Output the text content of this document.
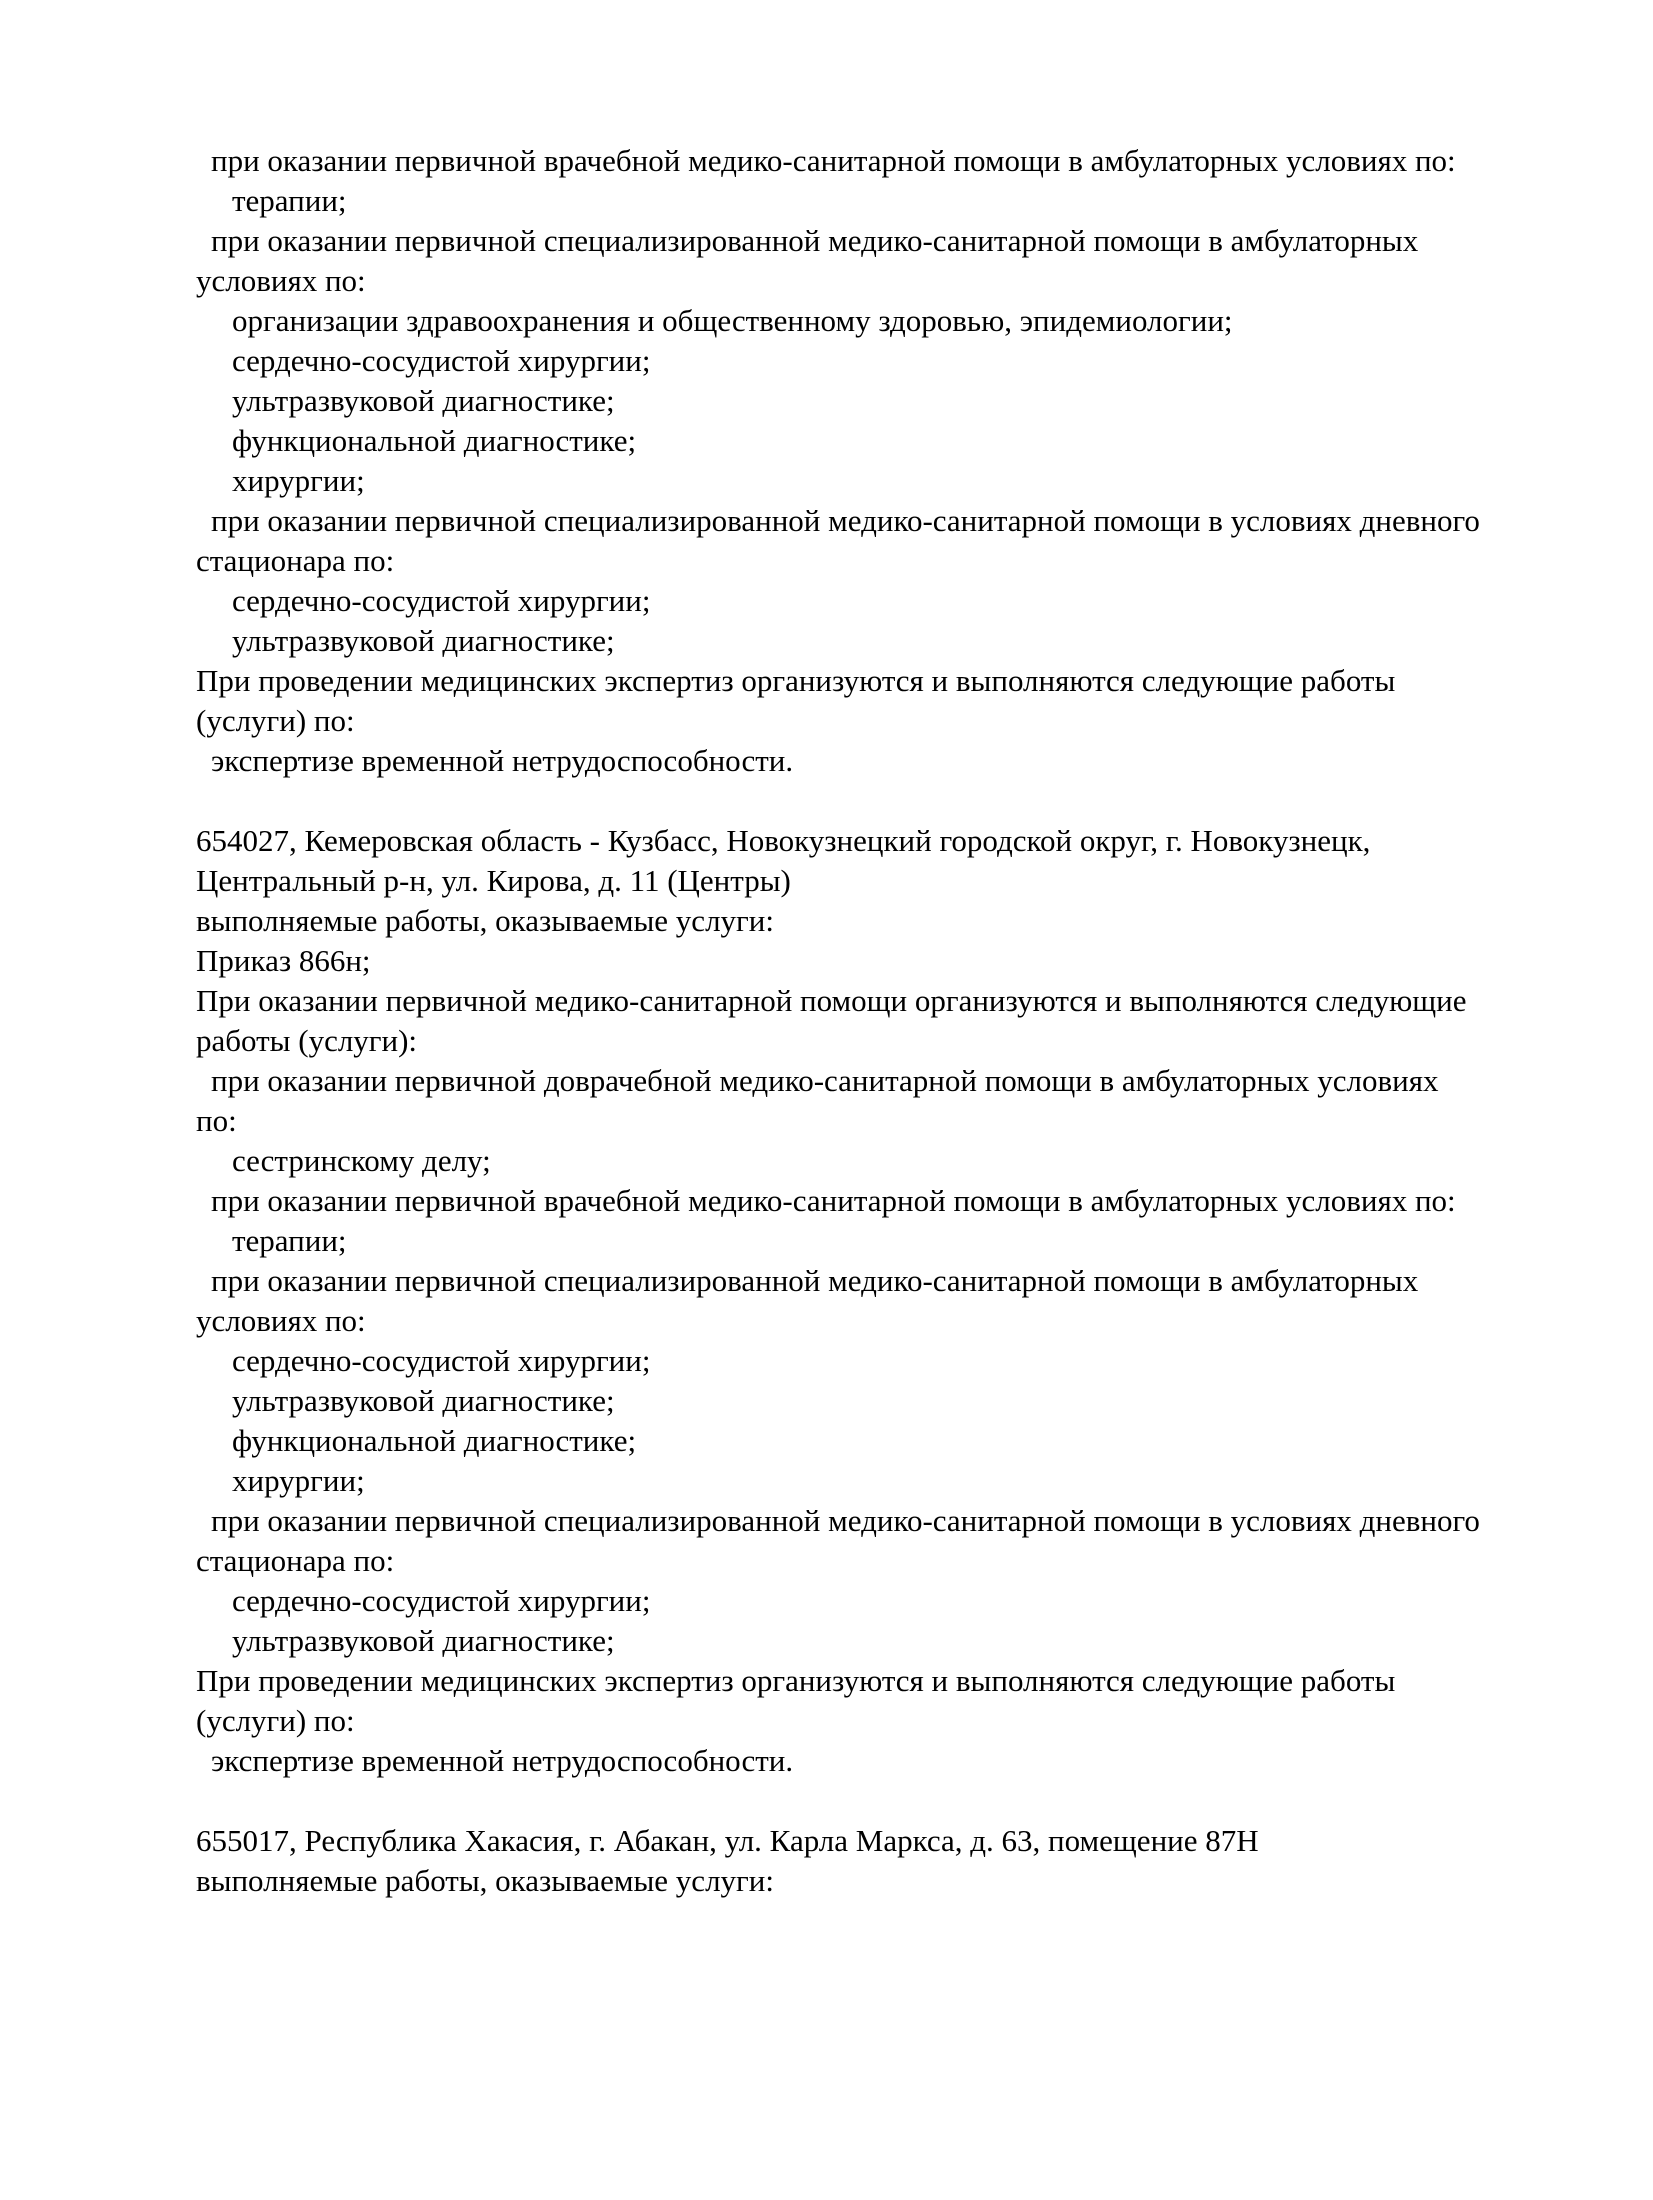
при оказании первичной врачебной медико-санитарной помощи в амбулаторных условиях по:
терапии;
при оказании первичной специализированной медико-санитарной помощи в амбулаторных
условиях по:
организации здравоохранения и общественному здоровью, эпидемиологии;
сердечно-сосудистой хирургии;
ультразвуковой диагностике;
функциональной диагностике;
хирургии;
при оказании первичной специализированной медико-санитарной помощи в условиях дневного
стационара по:
сердечно-сосудистой хирургии;
ультразвуковой диагностике;
При проведении медицинских экспертиз организуются и выполняются следующие работы
(услуги) по:
экспертизе временной нетрудоспособности.
654027, Кемеровская область - Кузбасс, Новокузнецкий городской округ, г. Новокузнецк,
Центральный р-н, ул. Кирова, д. 11 (Центры)
выполняемые работы, оказываемые услуги:
Приказ 866н;
При оказании первичной медико-санитарной помощи организуются и выполняются следующие
работы (услуги):
при оказании первичной доврачебной медико-санитарной помощи в амбулаторных условиях
по:
сестринскому делу;
при оказании первичной врачебной медико-санитарной помощи в амбулаторных условиях по:
терапии;
при оказании первичной специализированной медико-санитарной помощи в амбулаторных
условиях по:
сердечно-сосудистой хирургии;
ультразвуковой диагностике;
функциональной диагностике;
хирургии;
при оказании первичной специализированной медико-санитарной помощи в условиях дневного
стационара по:
сердечно-сосудистой хирургии;
ультразвуковой диагностике;
При проведении медицинских экспертиз организуются и выполняются следующие работы
(услуги) по:
экспертизе временной нетрудоспособности.
655017, Республика Хакасия, г. Абакан, ул. Карла Маркса, д. 63, помещение 87Н
выполняемые работы, оказываемые услуги:
